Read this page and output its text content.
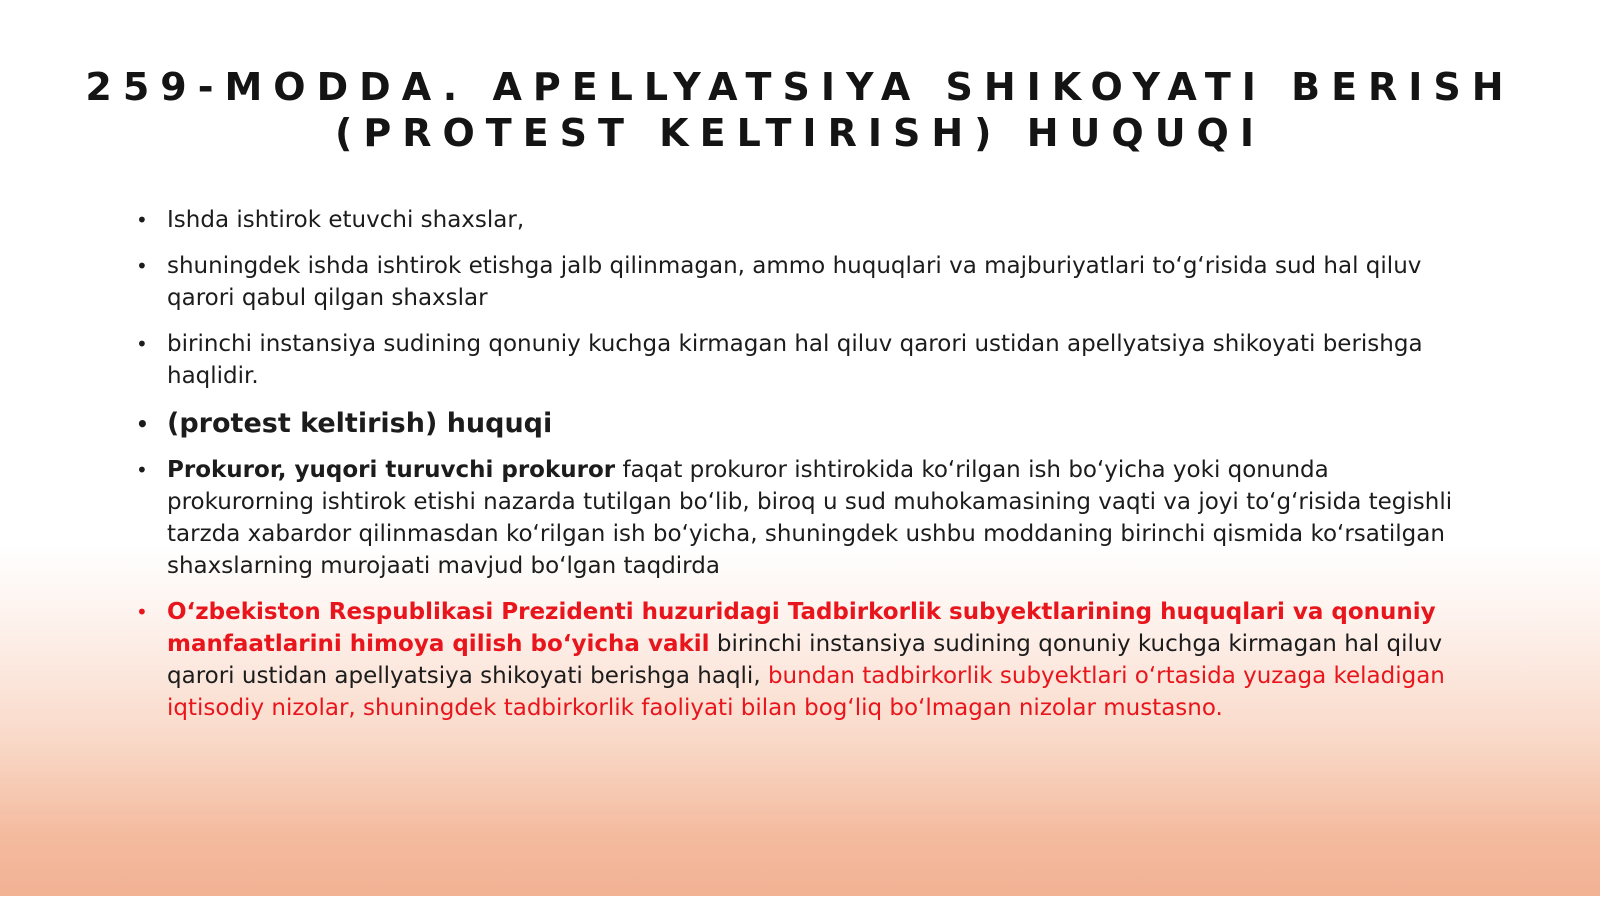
259-MODDA. APELLYATSIYA SHIKOYATI BERISH
(PROTEST KELTIRISH) HUQUQI
• Ishda ishtirok etuvchi shaxslar,
• shuningdek ishda ishtirok etishga jalb qilinmagan, ammo huquqlari va majburiyatlari to‘g‘risida sud hal qiluv qarori qabul qilgan shaxslar
• birinchi instansiya sudining qonuniy kuchga kirmagan hal qiluv qarori ustidan apellyatsiya shikoyati berishga haqlidir.
• (protest keltirish) huquqi
• Prokuror, yuqori turuvchi prokuror faqat prokuror ishtirokida ko‘rilgan ish bo‘yicha yoki qonunda prokurorning ishtirok etishi nazarda tutilgan bo‘lib, biroq u sud muhokamasining vaqti va joyi to‘g‘risida tegishli tarzda xabardor qilinmasdan ko‘rilgan ish bo‘yicha, shuningdek ushbu moddaning birinchi qismida ko‘rsatilgan shaxslarning murojaati mavjud bo‘lgan taqdirda
• O‘zbekiston Respublikasi Prezidenti huzuridagi Tadbirkorlik subyektlarining huquqlari va qonuniy manfaatlarini himoya qilish bo‘yicha vakil birinchi instansiya sudining qonuniy kuchga kirmagan hal qiluv qarori ustidan apellyatsiya shikoyati berishga haqli, bundan tadbirkorlik subyektlari o‘rtasida yuzaga keladigan iqtisodiy nizolar, shuningdek tadbirkorlik faoliyati bilan bog‘liq bo‘lmagan nizolar mustasno.
